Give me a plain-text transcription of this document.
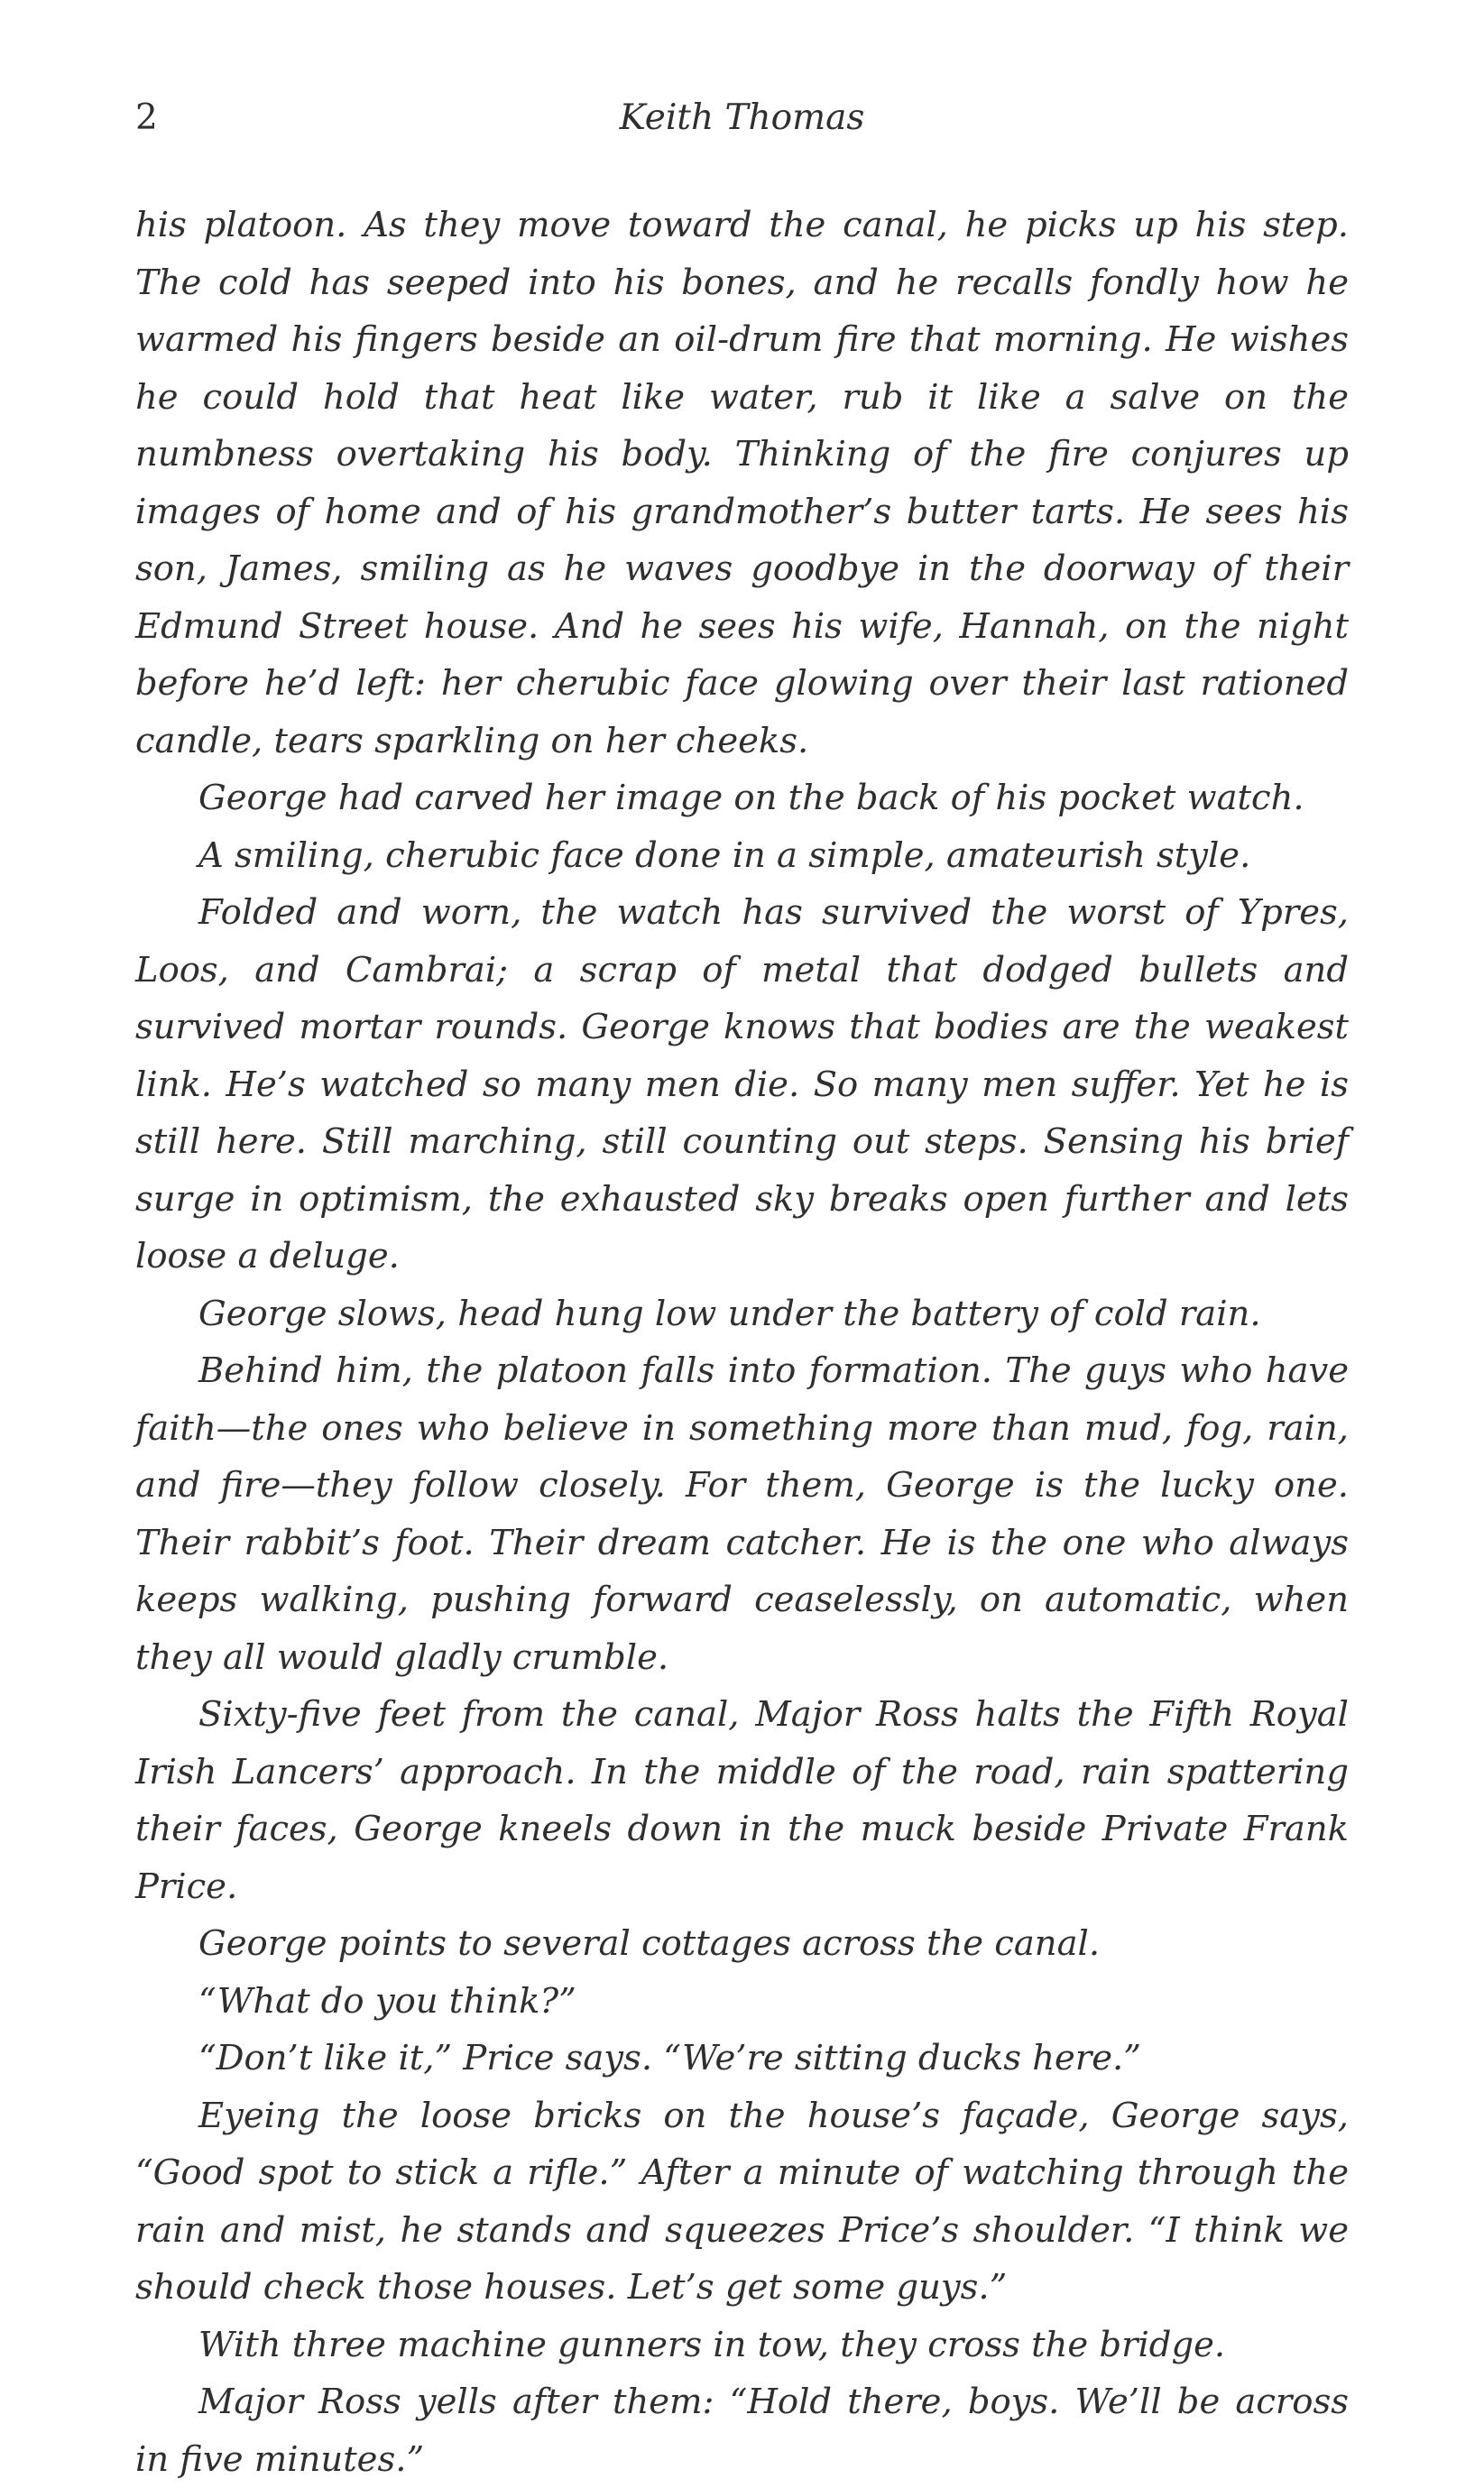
2	Keith Thomas

his platoon. As they move toward the canal, he picks up his step. The cold has seeped into his bones, and he recalls fondly how he warmed his fingers beside an oil-drum fire that morning. He wishes he could hold that heat like water, rub it like a salve on the numbness overtaking his body. Thinking of the fire conjures up images of home and of his grandmother’s butter tarts. He sees his son, James, smiling as he waves goodbye in the doorway of their Edmund Street house. And he sees his wife, Hannah, on the night before he’d left: her cherubic face glowing over their last rationed candle, tears sparkling on her cheeks.

George had carved her image on the back of his pocket watch.

A smiling, cherubic face done in a simple, amateurish style.

Folded and worn, the watch has survived the worst of Ypres, Loos, and Cambrai; a scrap of metal that dodged bullets and survived mortar rounds. George knows that bodies are the weakest link. He’s watched so many men die. So many men suffer. Yet he is still here. Still marching, still counting out steps. Sensing his brief surge in optimism, the exhausted sky breaks open further and lets loose a deluge.

George slows, head hung low under the battery of cold rain.

Behind him, the platoon falls into formation. The guys who have faith—the ones who believe in something more than mud, fog, rain, and fire—they follow closely. For them, George is the lucky one. Their rabbit’s foot. Their dream catcher. He is the one who always keeps walking, pushing forward ceaselessly, on automatic, when they all would gladly crumble.

Sixty-five feet from the canal, Major Ross halts the Fifth Royal Irish Lancers’ approach. In the middle of the road, rain spattering their faces, George kneels down in the muck beside Private Frank Price.

George points to several cottages across the canal.

“What do you think?”

“Don’t like it,” Price says. “We’re sitting ducks here.”

Eyeing the loose bricks on the house’s façade, George says, “Good spot to stick a rifle.” After a minute of watching through the rain and mist, he stands and squeezes Price’s shoulder. “I think we should check those houses. Let’s get some guys.”

With three machine gunners in tow, they cross the bridge.

Major Ross yells after them: “Hold there, boys. We’ll be across in five minutes.”
